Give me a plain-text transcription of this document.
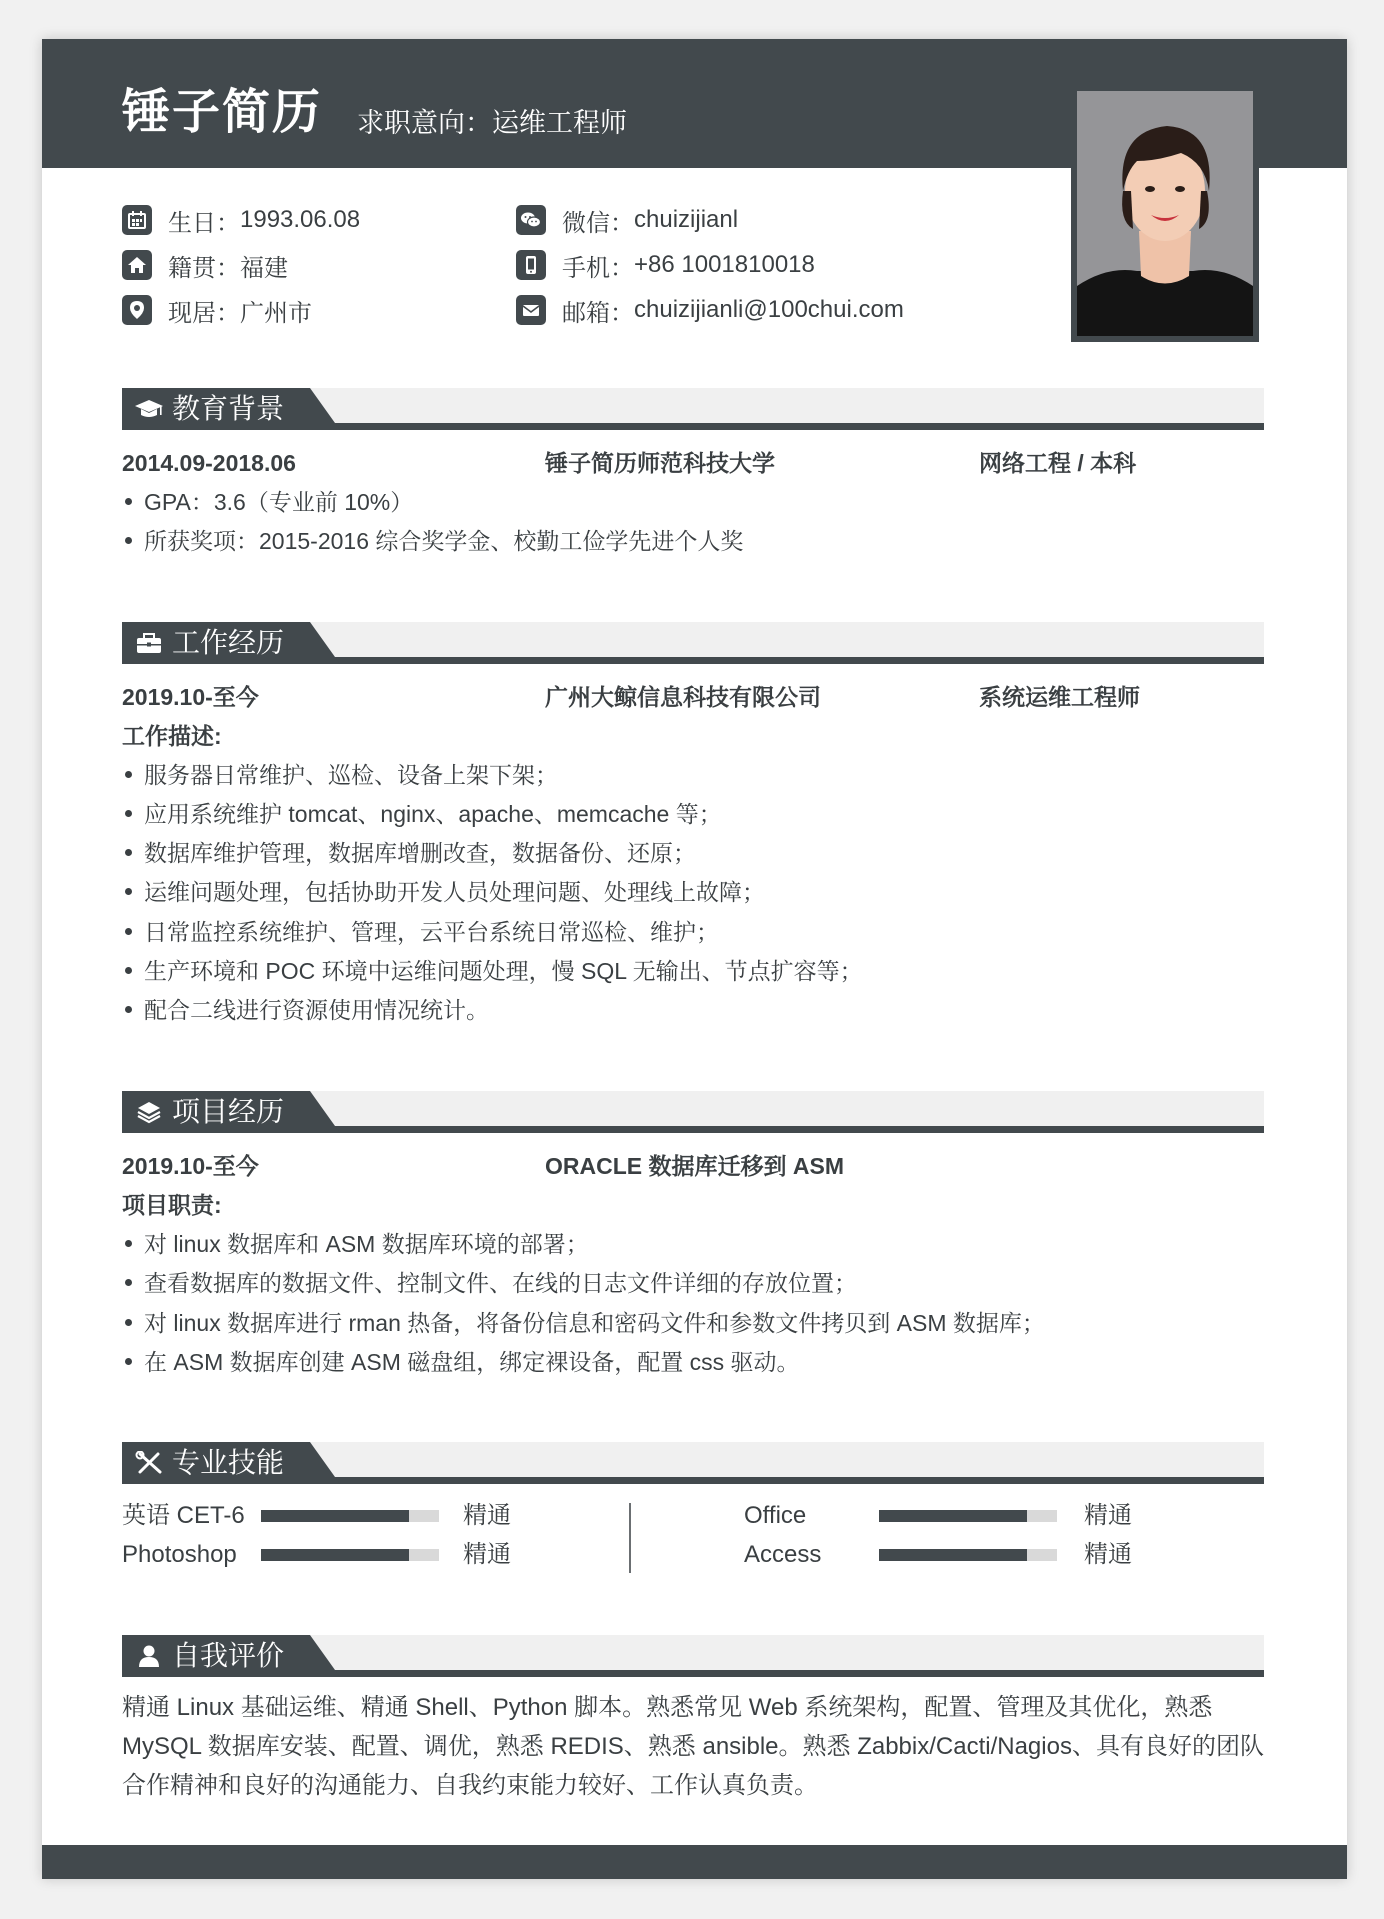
锤子简历 求职意向：运维工程师
生日： 1993.06.08
籍贯： 福建
现居： 广州市
微信： chuizijianl
手机： +86 1001810018
邮箱： chuizijianli@100chui.com
教育背景
2014.09-2018.06	锤子简历师范科技大学	网络工程 / 本科
GPA：3.6（专业前 10%）
所获奖项：2015-2016 综合奖学金、校勤工俭学先进个人奖
工作经历
2019.10-至今	广州大鲸信息科技有限公司	系统运维工程师
工作描述:
服务器日常维护、巡检、设备上架下架；
应用系统维护 tomcat、nginx、apache、memcache 等；
数据库维护管理，数据库增删改查，数据备份、还原；
运维问题处理，包括协助开发人员处理问题、处理线上故障；
日常监控系统维护、管理，云平台系统日常巡检、维护；
生产环境和 POC 环境中运维问题处理，慢 SQL 无输出、节点扩容等；
配合二线进行资源使用情况统计。
项目经历
2019.10-至今	ORACLE 数据库迁移到 ASM
项目职责:
对 linux 数据库和 ASM 数据库环境的部署；
查看数据库的数据文件、控制文件、在线的日志文件详细的存放位置；
对 linux 数据库进行 rman 热备，将备份信息和密码文件和参数文件拷贝到 ASM 数据库；
在 ASM 数据库创建 ASM 磁盘组，绑定裸设备，配置 css 驱动。
专业技能
英语 CET-6	精通
Photoshop	精通
Office	精通
Access	精通
自我评价
精通 Linux 基础运维、精通 Shell、Python 脚本。熟悉常见 Web 系统架构，配置、管理及其优化，熟悉 MySQL 数据库安装、配置、调优，熟悉 REDIS、熟悉 ansible。熟悉 Zabbix/Cacti/Nagios、具有良好的团队合作精神和良好的沟通能力、自我约束能力较好、工作认真负责。
